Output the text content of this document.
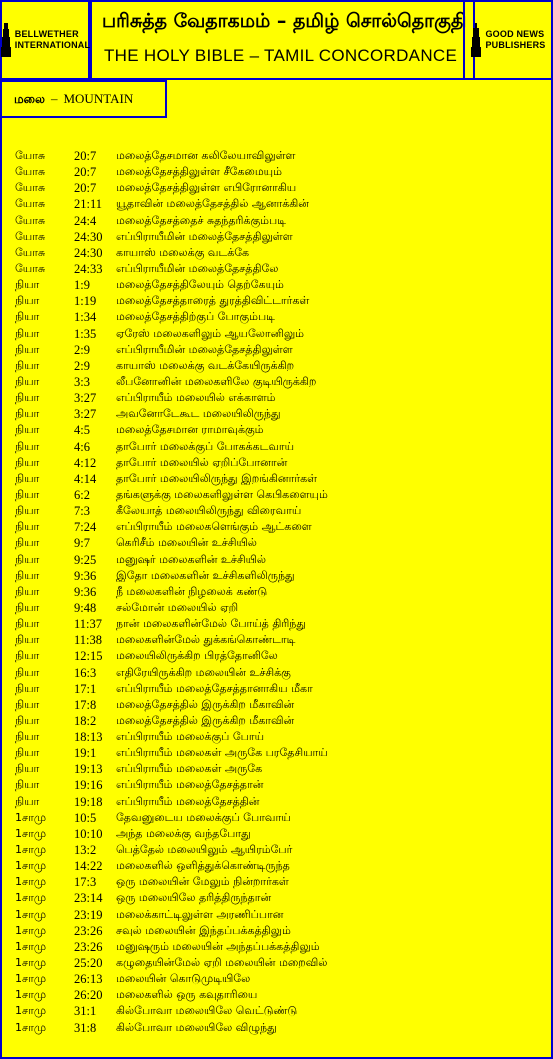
BELLWETHER
INTERNATIONAL
பரிசுத்த வேதாகமம் – தமிழ் சொல்தொகுதி
THE HOLY BIBLE – TAMIL CONCORDANCE
GOOD NEWS
PUBLISHERS
மலை – MOUNTAIN
யோசு 20:7 மலைத்தேசமான கலிலேயாவிலுள்ள
யோசு 20:7 மலைத்தேசத்திலுள்ள சீகேமையும்
யோசு 20:7 மலைத்தேசத்திலுள்ள எபிரோனாகிய
யோசு 21:11 யூதாவின் மலைத்தேசத்தில் ஆனாக்கின்
யோசு 24:4 மலைத்தேசத்தைச் சுதந்தரிக்கும்படி
யோசு 24:30 எப்பிராயீமின் மலைத்தேசத்திலுள்ள
யோசு 24:30 காயாஸ் மலைக்கு வடக்கே
யோசு 24:33 எப்பிராயீமின் மலைத்தேசத்திலே
நியா	1:9 மலைத்தேசத்திலேயும் தெற்கேயும்
நியா	1:19 மலைத்தேசத்தாரைத் துரத்திவிட்டார்கள்
நியா	1:34 மலைத்தேசத்திற்குப் போகும்படி
நியா	1:35 ஏரேஸ் மலைகளிலும் ஆயலோனிலும்
நியா	2:9 எப்பிராயீமின் மலைத்தேசத்திலுள்ள
நியா	2:9 காயாஸ் மலைக்கு வடக்கேயிருக்கிற
நியா	3:3 லீபனோனின் மலைகளிலே குடியிருக்கிற
நியா	3:27 எப்பிராயீம் மலையில் எக்காளம்
நியா	3:27 அவனோடேகூட மலையிலிருந்து
நியா	4:5 மலைத்தேசமான ராமாவுக்கும்
நியா	4:6 தாபோர் மலைக்குப் போகக்கடவாய்
நியா	4:12 தாபோர் மலையில் ஏறிப்போனான்
நியா	4:14 தாபோர் மலையிலிருந்து இறங்கினார்கள்
நியா	6:2 தங்களுக்கு மலைகளிலுள்ள கெபிகளையும்
நியா	7:3 கீலேயாத் மலையிலிருந்து விரைவாய்
நியா	7:24 எப்பிராயீம் மலைகளெங்கும் ஆட்களை
நியா	9:7 கெரிசீம் மலையின் உச்சியில்
நியா	9:25 மனுஷர் மலைகளின் உச்சியில்
நியா	9:36 இதோ மலைகளின் உச்சிகளிலிருந்து
நியா	9:36 நீ மலைகளின் நிழலைக் கண்டு
நியா	9:48 சல்மோன் மலையில் ஏறி
நியா	11:37 நான் மலைகளின்மேல் போய்த் திரிந்து
நியா	11:38 மலைகளின்மேல் துக்கங்கொண்டாடி
நியா	12:15 மலையிலிருக்கிற பிரத்தோனிலே
நியா	16:3 எதிரேயிருக்கிற மலையின் உச்சிக்கு
நியா	17:1 எப்பிராயீம் மலைத்தேசத்தானாகிய மீகா
நியா	17:8 மலைத்தேசத்தில் இருக்கிற மீகாவின்
நியா	18:2 மலைத்தேசத்தில் இருக்கிற மீகாவின்
நியா	18:13 எப்பிராயீம் மலைக்குப் போய்
நியா	19:1 எப்பிராயீம் மலைகள் அருகே பரதேசியாய்
நியா	19:13 எப்பிராயீம் மலைகள் அருகே
நியா	19:16 எப்பிராயீம் மலைத்தேசத்தான்
நியா	19:18 எப்பிராயீம் மலைத்தேசத்தின்
1சாமு 10:5 தேவனுடைய மலைக்குப் போவாய்
1சாமு 10:10 அந்த மலைக்கு வந்தபோது
1சாமு 13:2 பெத்தேல் மலையிலும் ஆயிரம்பேர்
1சாமு 14:22 மலைகளில் ஒளித்துக்கொண்டிருந்த
1சாமு 17:3 ஒரு மலையின் மேலும் நின்றார்கள்
1சாமு 23:14 ஒரு மலையிலே தரித்திருந்தான்
1சாமு 23:19 மலைக்காட்டிலுள்ள அரணிப்பான
1சாமு 23:26 சவுல் மலையின் இந்தப்பக்கத்திலும்
1சாமு 23:26 மனுஷரும் மலையின் அந்தப்பக்கத்திலும்
1சாமு 25:20 கழுதையின்மேல் ஏறி மலையின் மறைவில்
1சாமு 26:13 மலையின் கொடுமுடியிலே
1சாமு 26:20 மலைகளில் ஒரு கவுதாரியை
1சாமு 31:1 கில்போவா மலையிலே வெட்டுண்டு
1சாமு 31:8 கில்போவா மலையிலே விழுந்து
